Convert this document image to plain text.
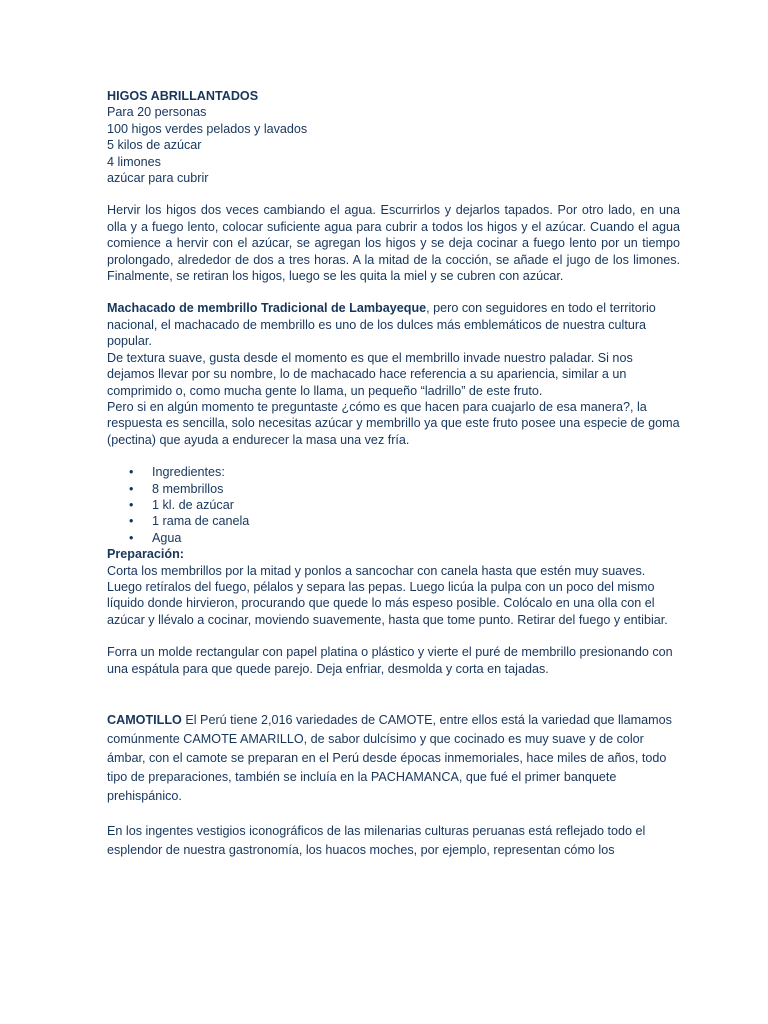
HIGOS ABRILLANTADOS

Para 20 personas

100 higos verdes pelados y lavados

5 kilos de azúcar

4 limones

azúcar para cubrir

Hervir los higos dos veces cambiando el agua. Escurrirlos y dejarlos tapados. Por otro lado, en una olla y a fuego lento, colocar suficiente agua para cubrir a todos los higos y el azúcar. Cuando el agua comience a hervir con el azúcar, se agregan los higos y se deja cocinar a fuego lento por un tiempo prolongado, alrededor de dos a tres horas. A la mitad de la cocción, se añade el jugo de los limones. Finalmente, se retiran los higos, luego se les quita la miel y se cubren con azúcar.

Machacado de membrillo Tradicional de Lambayeque, pero con seguidores en todo el territorio nacional, el machacado de membrillo es uno de los dulces más emblemáticos de nuestra cultura popular.

De textura suave, gusta desde el momento es que el membrillo invade nuestro paladar. Si nos dejamos llevar por su nombre, lo de machacado hace referencia a su apariencia, similar a un comprimido o, como mucha gente lo llama, un pequeño “ladrillo” de este fruto.

Pero si en algún momento te preguntaste ¿cómo es que hacen para cuajarlo de esa manera?, la respuesta es sencilla, solo necesitas azúcar y membrillo ya que este fruto posee una especie de goma (pectina) que ayuda a endurecer la masa una vez fría.

• Ingredientes:
• 8 membrillos
• 1 kl. de azúcar
• 1 rama de canela
• Agua

Preparación:

Corta los membrillos por la mitad y ponlos a sancochar con canela hasta que estén muy suaves. Luego retíralos del fuego, pélalos y separa las pepas. Luego licúa la pulpa con un poco del mismo líquido donde hirvieron, procurando que quede lo más espeso posible. Colócalo en una olla con el azúcar y llévalo a cocinar, moviendo suavemente, hasta que tome punto. Retirar del fuego y entibiar.

Forra un molde rectangular con papel platina o plástico y vierte el puré de membrillo presionando con una espátula para que quede parejo. Deja enfriar, desmolda y corta en tajadas.

CAMOTILLO El Perú tiene 2,016 variedades de CAMOTE, entre ellos está la variedad que llamamos comúnmente CAMOTE AMARILLO, de sabor dulcísimo y que cocinado es muy suave y de color ámbar, con el camote se preparan en el Perú desde épocas inmemoriales, hace miles de años, todo tipo de preparaciones, también se incluía en la PACHAMANCA, que fué el primer banquete prehispánico.

En los ingentes vestigios iconográficos de las milenarias culturas peruanas está reflejado todo el esplendor de nuestra gastronomía, los huacos moches, por ejemplo, representan cómo los
